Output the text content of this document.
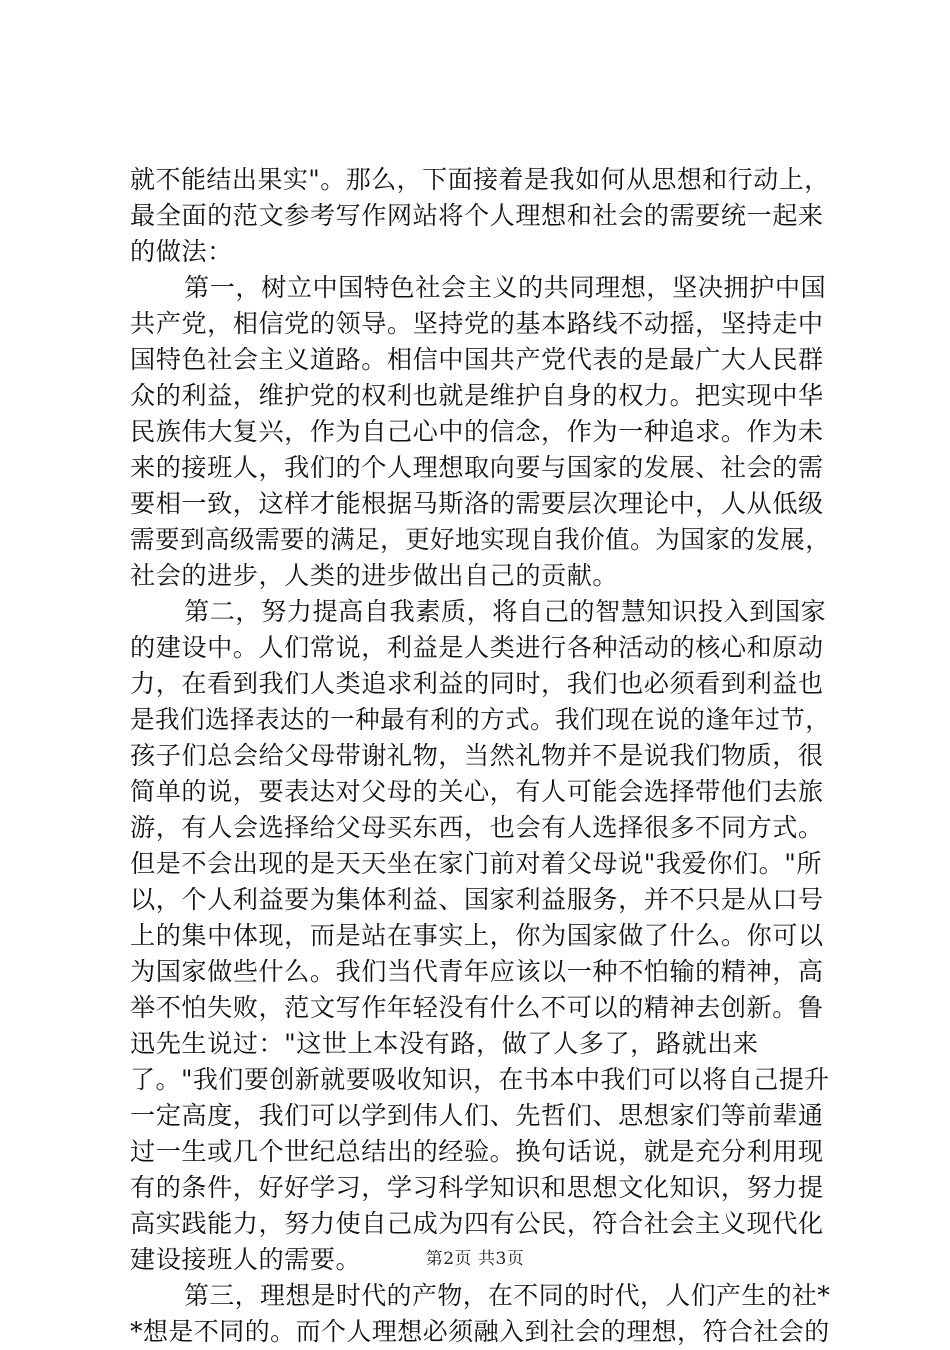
就不能结出果实"。那么，下面接着是我如何从思想和行动上，
最全面的范文参考写作网站将个人理想和社会的需要统一起来
的做法：
第一，树立中国特色社会主义的共同理想，坚决拥护中国
共产党，相信党的领导。坚持党的基本路线不动摇，坚持走中
国特色社会主义道路。相信中国共产党代表的是最广大人民群
众的利益，维护党的权利也就是维护自身的权力。把实现中华
民族伟大复兴，作为自己心中的信念，作为一种追求。作为未
来的接班人，我们的个人理想取向要与国家的发展、社会的需
要相一致，这样才能根据马斯洛的需要层次理论中，人从低级
需要到高级需要的满足，更好地实现自我价值。为国家的发展，
社会的进步，人类的进步做出自己的贡献。
第二，努力提高自我素质，将自己的智慧知识投入到国家
的建设中。人们常说，利益是人类进行各种活动的核心和原动
力，在看到我们人类追求利益的同时，我们也必须看到利益也
是我们选择表达的一种最有利的方式。我们现在说的逢年过节，
孩子们总会给父母带谢礼物，当然礼物并不是说我们物质，很
简单的说，要表达对父母的关心，有人可能会选择带他们去旅
游，有人会选择给父母买东西，也会有人选择很多不同方式。
但是不会出现的是天天坐在家门前对着父母说"我爱你们。"所
以，个人利益要为集体利益、国家利益服务，并不只是从口号
上的集中体现，而是站在事实上，你为国家做了什么。你可以
为国家做些什么。我们当代青年应该以一种不怕输的精神，高
举不怕失败，范文写作年轻没有什么不可以的精神去创新。鲁
迅先生说过："这世上本没有路，做了人多了，路就出来
了。"我们要创新就要吸收知识，在书本中我们可以将自己提升
一定高度，我们可以学到伟人们、先哲们、思想家们等前辈通
过一生或几个世纪总结出的经验。换句话说，就是充分利用现
有的条件，好好学习，学习科学知识和思想文化知识，努力提
高实践能力，努力使自己成为四有公民，符合社会主义现代化
建设接班人的需要。
第三，理想是时代的产物，在不同的时代，人们产生的社*
*想是不同的。而个人理想必须融入到社会的理想，符合社会的
第2页 共3页
